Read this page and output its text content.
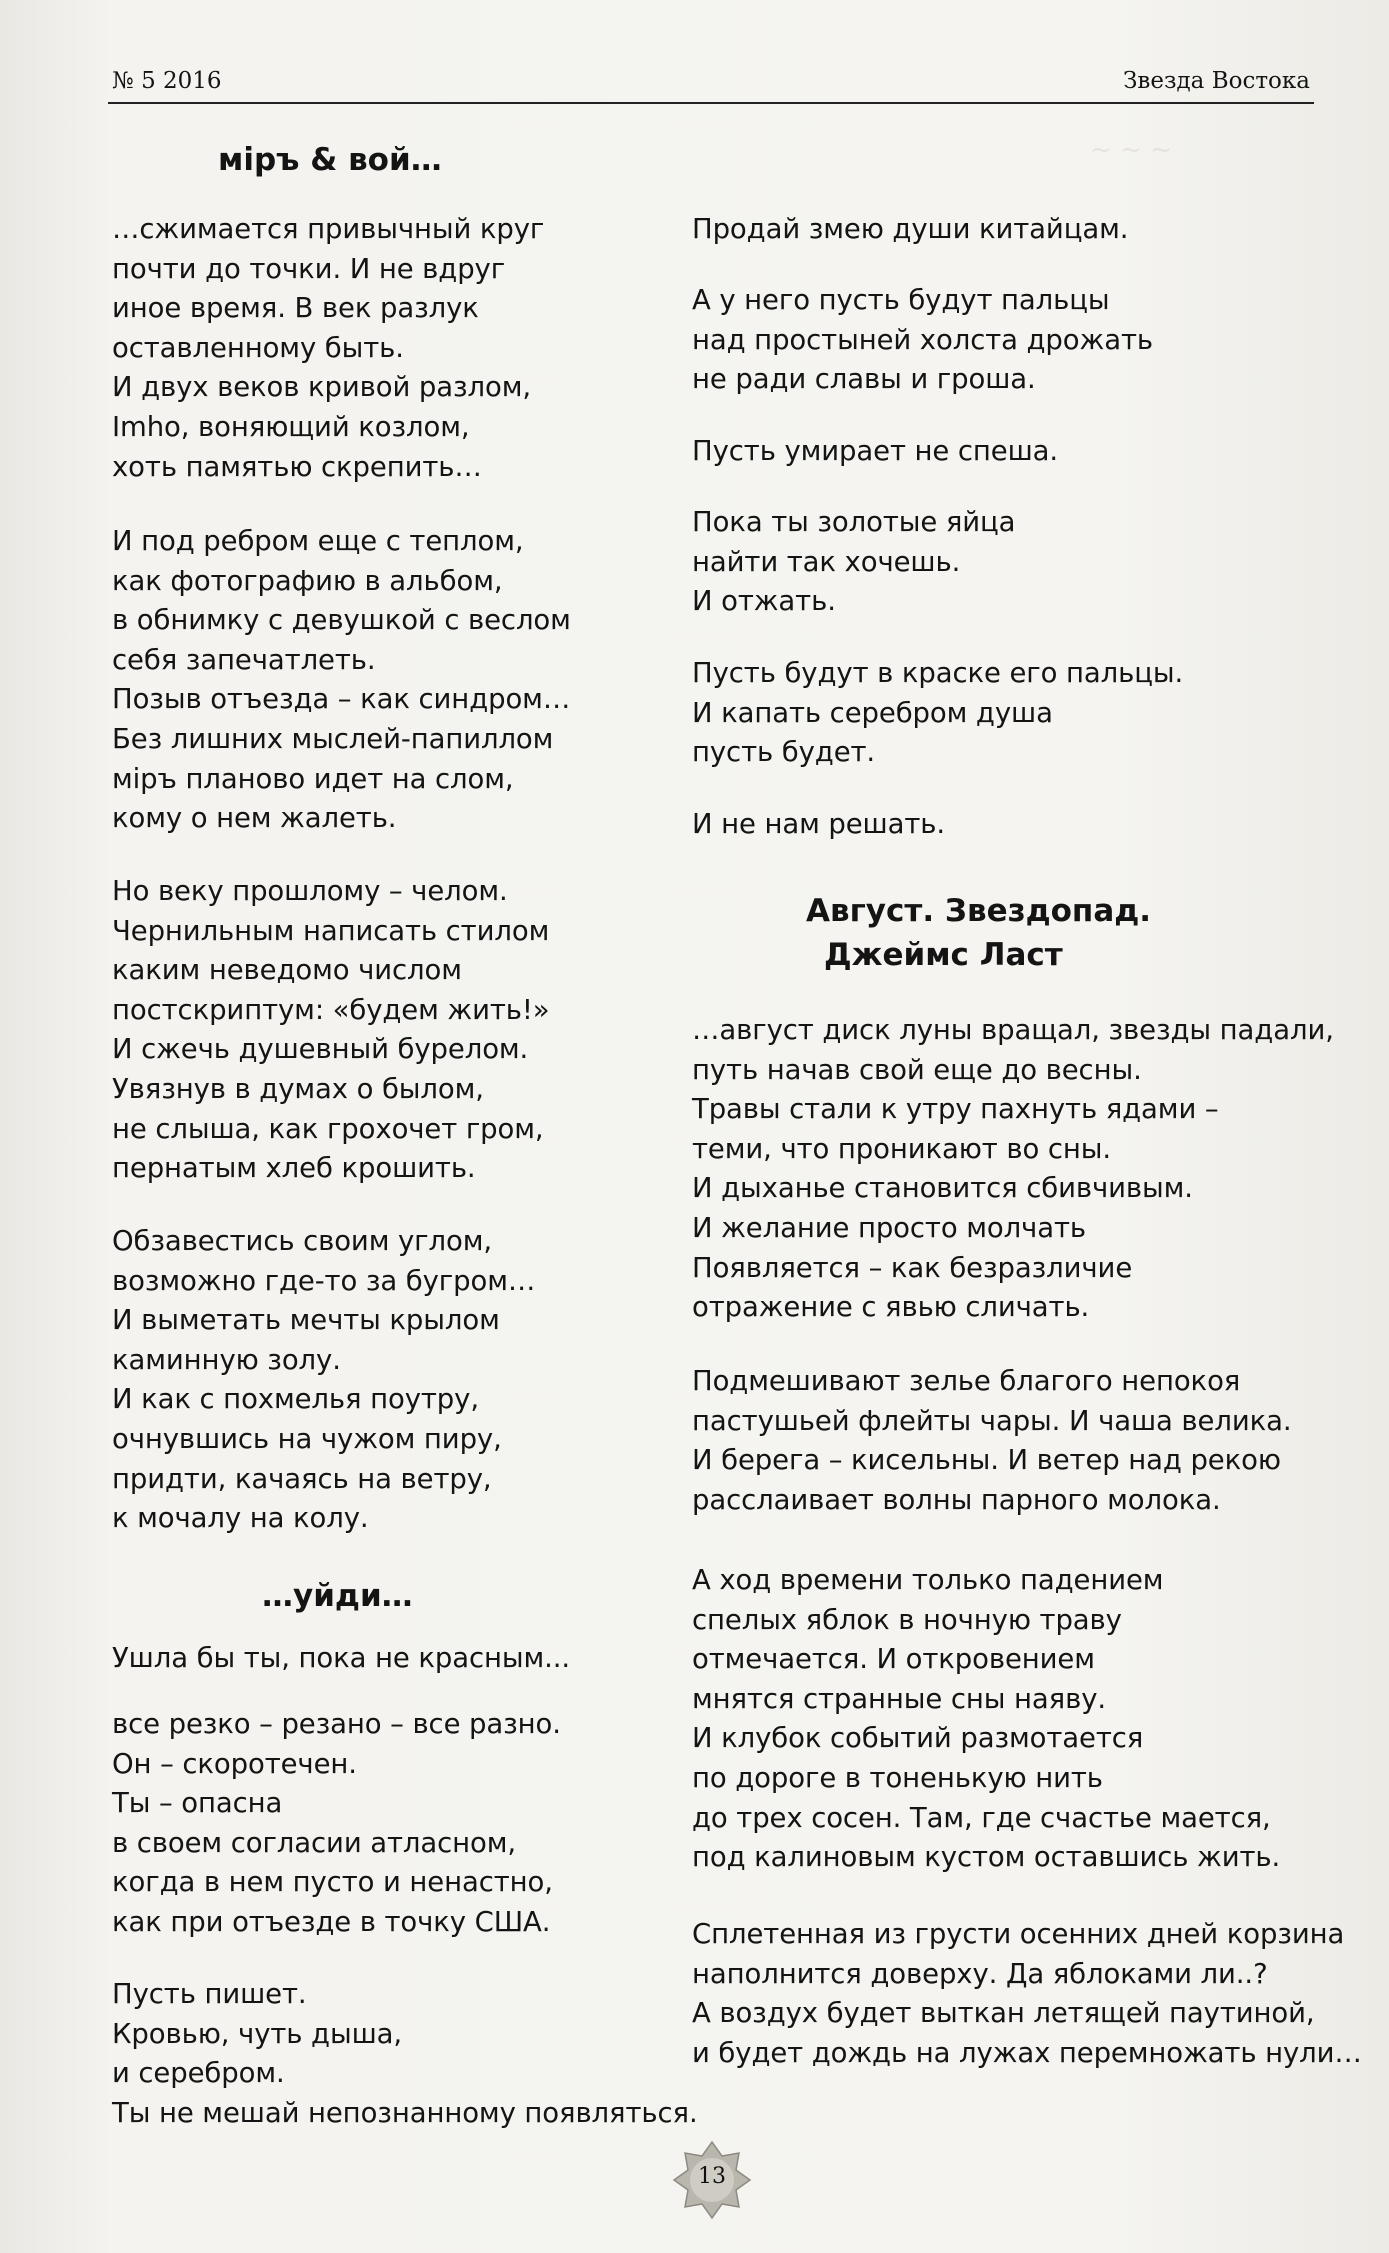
~ ~ ~
№ 5 2016	Звезда Востока
міръ & вой…
…сжимается привычный круг
почти до точки. И не вдруг
иное время. В век разлук
оставленному быть.
И двух веков кривой разлом,
Imho, воняющий козлом,
хоть памятью скрепить…
И под ребром еще с теплом,
как фотографию в альбом,
в обнимку с девушкой с веслом
себя запечатлеть.
Позыв отъезда – как синдром…
Без лишних мыслей-папиллом
міръ планово идет на слом,
кому о нем жалеть.
Но веку прошлому – челом.
Чернильным написать стилом
каким неведомо числом
постскриптум: «будем жить!»
И сжечь душевный бурелом.
Увязнув в думах о былом,
не слыша, как грохочет гром,
пернатым хлеб крошить.
Обзавестись своим углом,
возможно где-то за бугром…
И выметать мечты крылом
каминную золу.
И как с похмелья поутру,
очнувшись на чужом пиру,
придти, качаясь на ветру,
к мочалу на колу.
…уйди…
Ушла бы ты, пока не красным...
все резко – резано – все разно.
Он – скоротечен.
Ты – опасна
в своем согласии атласном,
когда в нем пусто и ненастно,
как при отъезде в точку США.
Пусть пишет.
Кровью, чуть дыша,
и серебром.
Ты не мешай непознанному появляться.
Продай змею души китайцам.
А у него пусть будут пальцы
над простыней холста дрожать
не ради славы и гроша.
Пусть умирает не спеша.
Пока ты золотые яйца
найти так хочешь.
И отжать.
Пусть будут в краске его пальцы.
И капать серебром душа
пусть будет.
И не нам решать.
Август. Звездопад.
Джеймс Ласт
…август диск луны вращал, звезды падали,
путь начав свой еще до весны.
Травы стали к утру пахнуть ядами –
теми, что проникают во сны.
И дыханье становится сбивчивым.
И желание просто молчать
Появляется – как безразличие
отражение с явью сличать.
Подмешивают зелье благого непокоя
пастушьей флейты чары. И чаша велика.
И берега – кисельны. И ветер над рекою
расслаивает волны парного молока.
А ход времени только падением
спелых яблок в ночную траву
отмечается. И откровением
мнятся странные сны наяву.
И клубок событий размотается
по дороге в тоненькую нить
до трех сосен. Там, где счастье мается,
под калиновым кустом оставшись жить.
Сплетенная из грусти осенних дней корзина
наполнится доверху. Да яблоками ли..?
А воздух будет выткан летящей паутиной,
и будет дождь на лужах перемножать нули…
13
